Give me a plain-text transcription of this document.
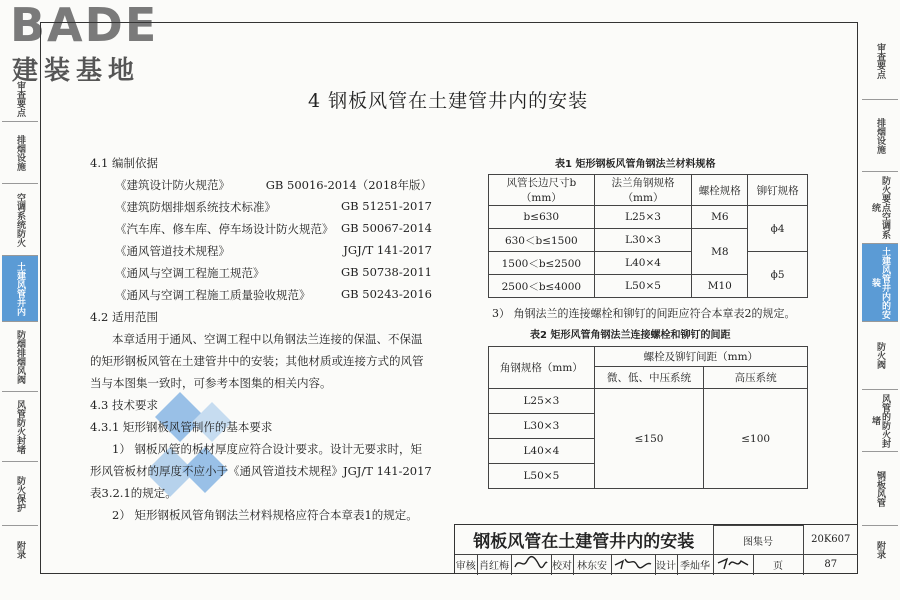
BADE
建装基地
审查要点
排烟设施
空调系统防火
土建风管井内
防烟排烟风阀
风管防火封堵
防火保护
附录
审查要点
排烟设施
防火要点空调系统
土建风管井内的安装
防火阀
风管的防火封堵
钢板风管
附录
4 钢板风管在土建管井内的安装
4.1 编制依据
《建筑设计防火规范》	GB 50016-2014（2018年版）
《建筑防烟排烟系统技术标准》	GB 51251-2017
《汽车库、修车库、停车场设计防火规范》 GB 50067-2014
《通风管道技术规程》	JGJ/T 141-2017
《通风与空调工程施工规范》	GB 50738-2011
《通风与空调工程施工质量验收规范》	GB 50243-2016
4.2 适用范围
本章适用于通风、空调工程中以角钢法兰连接的保温、不保温
的矩形钢板风管在土建管井中的安装；其他材质或连接方式的风管
当与本图集一致时，可参考本图集的相关内容。
4.3 技术要求
4.3.1 矩形钢板风管制作的基本要求
1） 钢板风管的板材厚度应符合设计要求。设计无要求时，矩
形风管板材的厚度不应小于《通风管道技术规程》JGJ/T 141-2017
表3.2.1的规定。
2） 矩形钢板风管角钢法兰材料规格应符合本章表1的规定。
表1 矩形钢板风管角钢法兰材料规格
风管长边尺寸b（mm）	法兰角钢规格（mm）	螺栓规格	铆钉规格
b≤630	L25×3	M6	ϕ4
630＜b≤1500	L30×3	M8	
1500＜b≤2500	L40×4		ϕ5
2500＜b≤4000	L50×5	M10	
3） 角钢法兰的连接螺栓和铆钉的间距应符合本章表2的规定。
表2 矩形风管角钢法兰连接螺栓和铆钉的间距
角钢规格（mm）	螺栓及铆钉间距（mm）	
	微、低、中压系统	高压系统
L25×3	≤150	≤100
L30×3		
L40×4		
L50×5		
钢板风管在土建管井内的安装								图集号		20K607
审核	肖红梅		校对	林东安		设计	季灿华		页	87
